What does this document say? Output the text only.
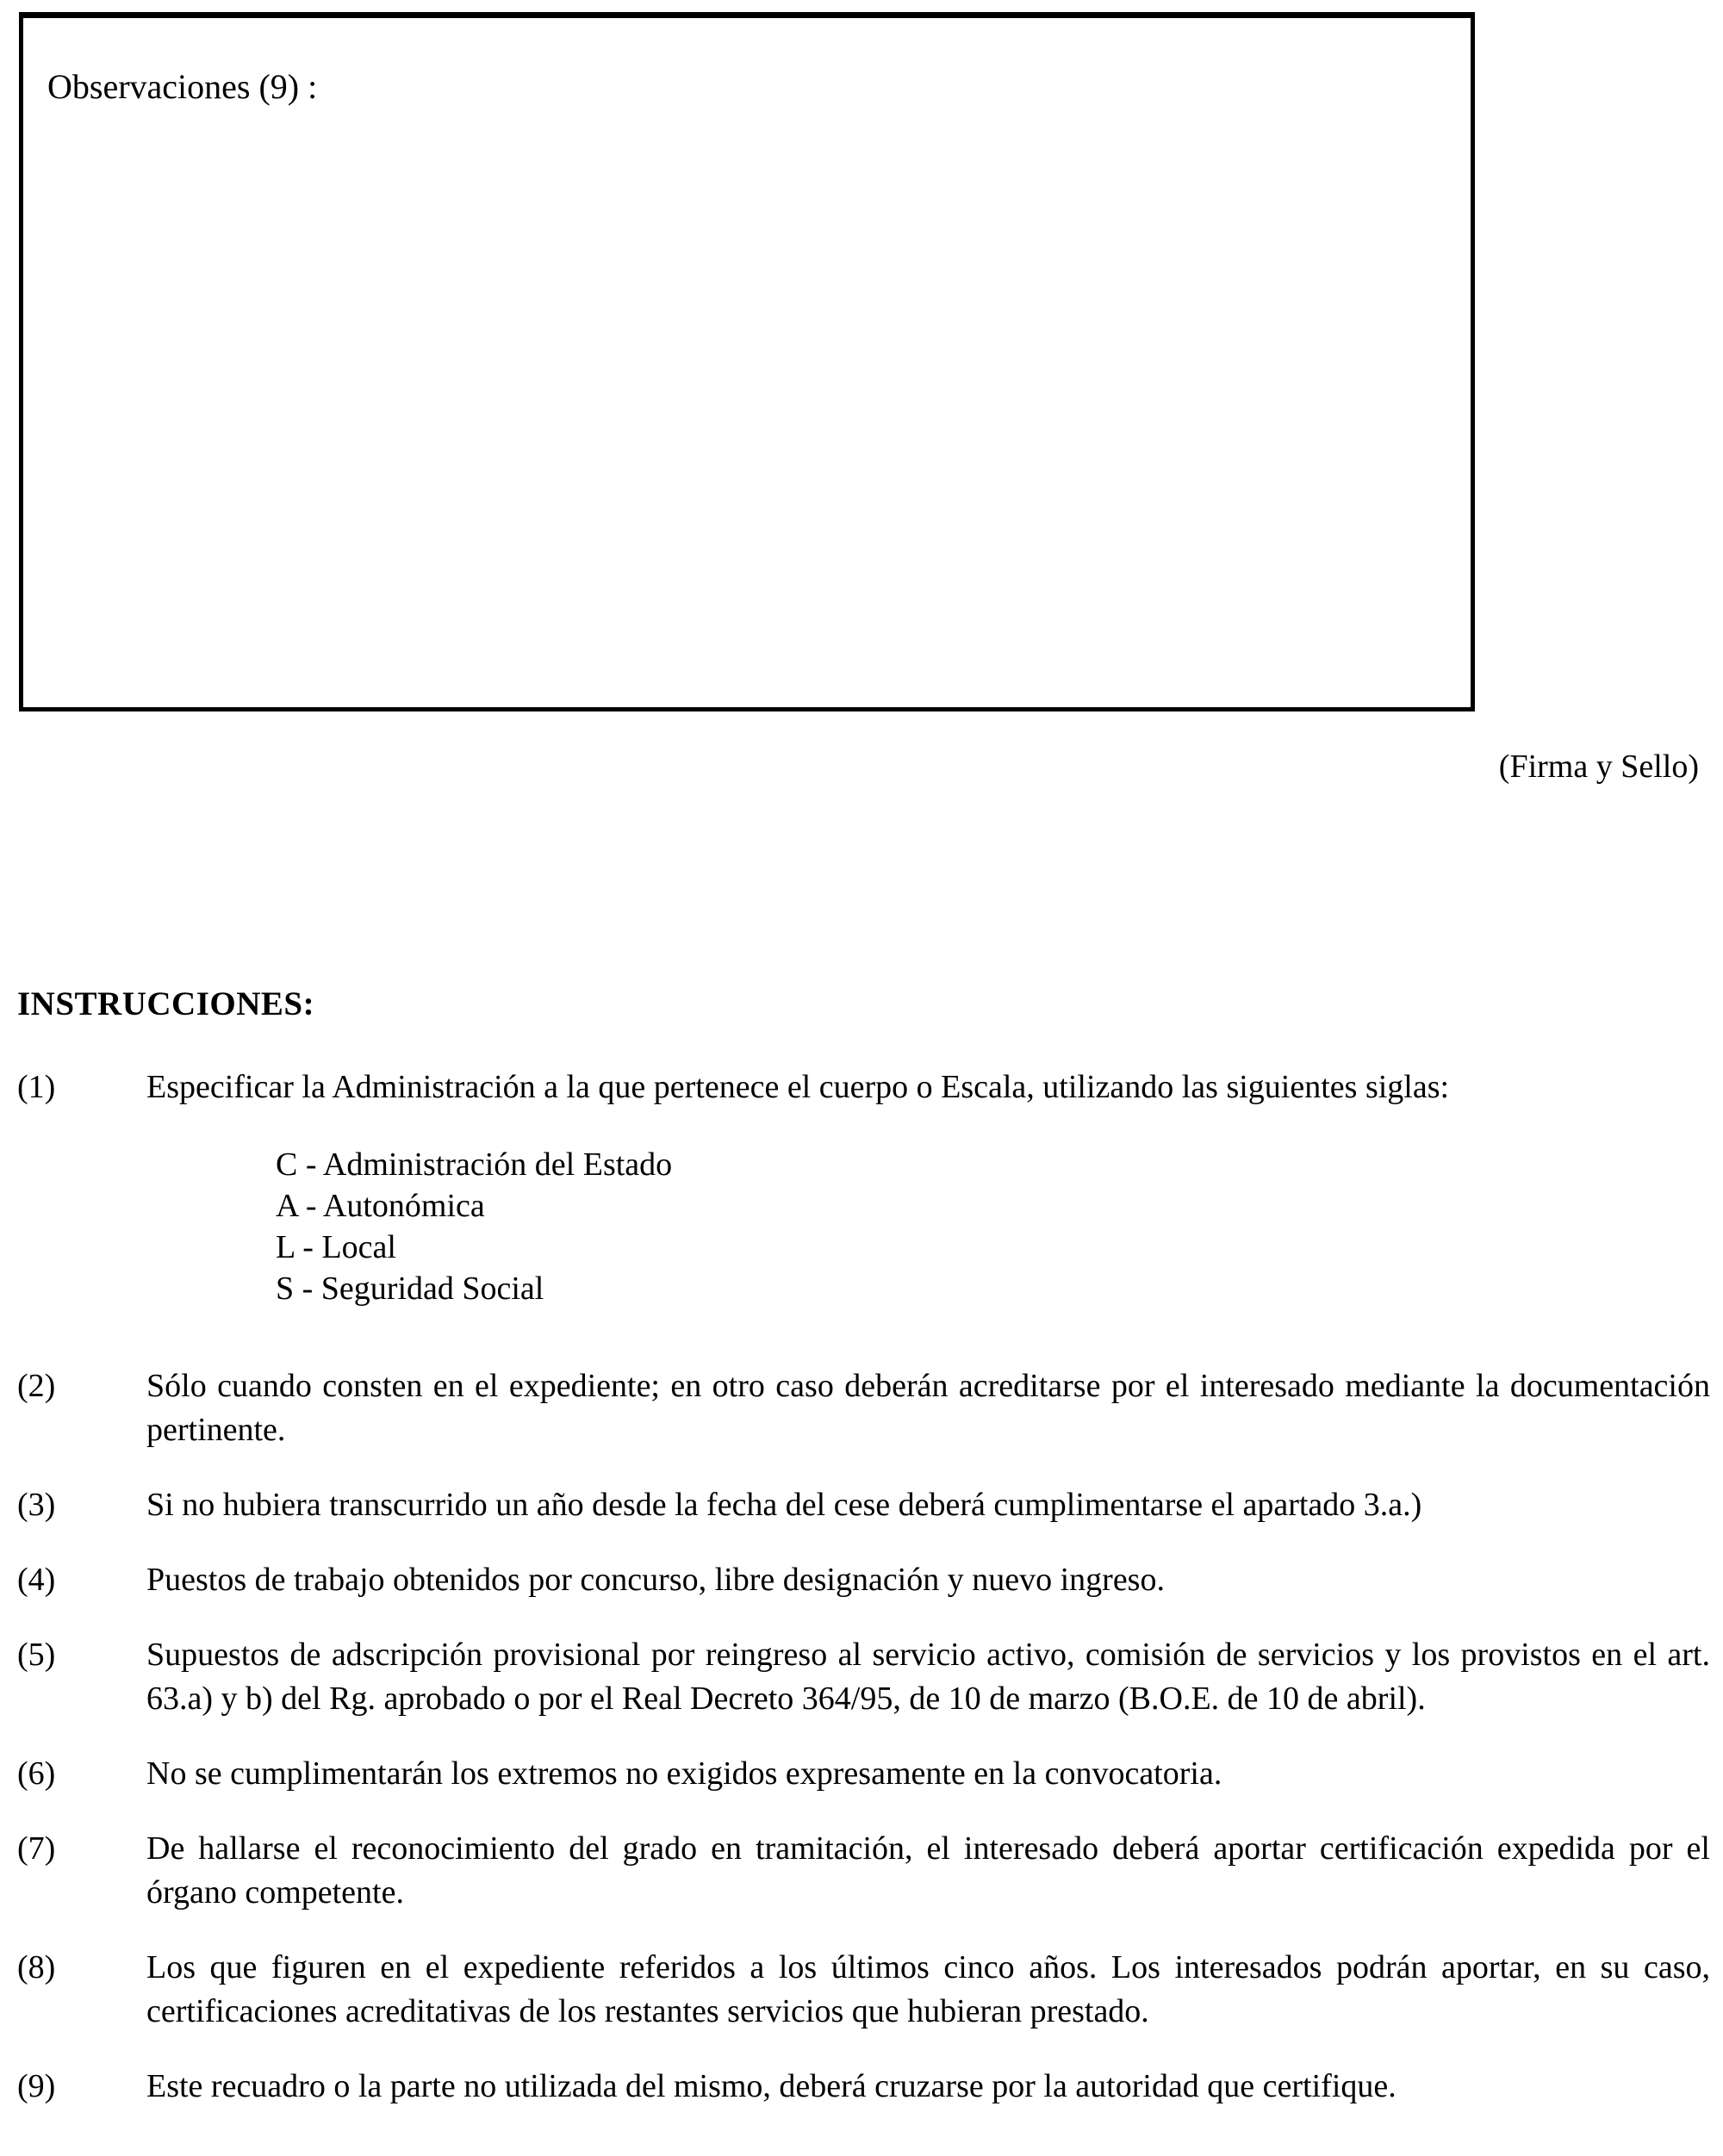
Observaciones (9) :
(Firma y Sello)
INSTRUCCIONES:
(1)	Especificar la Administración a la que pertenece el cuerpo o Escala, utilizando las siguientes siglas:

C - Administración del Estado
A - Autonómica
L - Local
S - Seguridad Social
(2)	Sólo cuando consten en el expediente; en otro caso deberán acreditarse por el interesado mediante la documentación pertinente.

(3)	Si no hubiera transcurrido un año desde la fecha del cese deberá cumplimentarse el apartado 3.a.)

(4)	Puestos de trabajo obtenidos por concurso, libre designación y nuevo ingreso.

(5)	Supuestos de adscripción provisional por reingreso al servicio activo, comisión de servicios y los provistos en el art. 63.a) y b) del Rg. aprobado o por el Real Decreto 364/95, de 10 de marzo (B.O.E. de 10 de abril).

(6)	No se cumplimentarán los extremos no exigidos expresamente en la convocatoria.

(7)	De hallarse el reconocimiento del grado en tramitación, el interesado deberá aportar certificación expedida por el órgano competente.

(8)	Los que figuren en el expediente referidos a los últimos cinco años. Los interesados podrán aportar, en su caso, certificaciones acreditativas de los restantes servicios que hubieran prestado.

(9)	Este recuadro o la parte no utilizada del mismo, deberá cruzarse por la autoridad que certifique.
